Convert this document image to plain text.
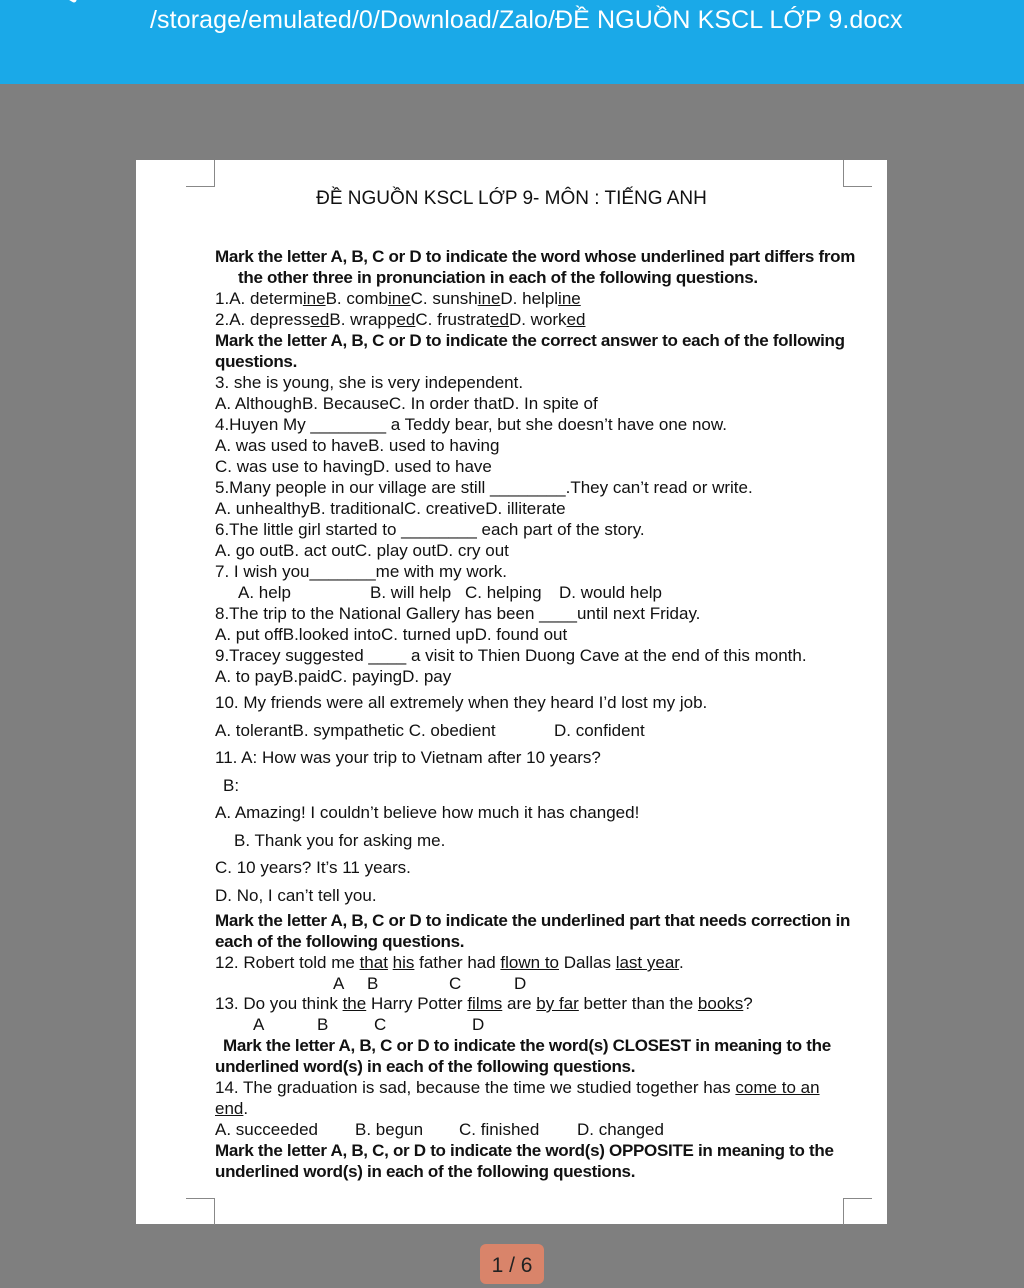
/storage/emulated/0/Download/Zalo/ĐỀ NGUỒN KSCL LỚP 9.docx
ĐỀ NGUỒN KSCL LỚP 9- MÔN : TIẾNG ANH
Mark the letter A, B, C or D to indicate the word whose underlined part differs from
the other three in pronunciation in each of the following questions.
1.A. determineB. combineC. sunshineD. helpline
2.A. depressedB. wrappedC. frustratedD. worked
Mark the letter A, B, C or D to indicate the correct answer to each of the following
questions.
3. she is young, she is very independent.
A. AlthoughB. BecauseC. In order thatD. In spite of
4.Huyen My ________ a Teddy bear, but she doesn’t have one now.
A. was used to haveB. used to having
C. was use to havingD. used to have
5.Many people in our village are still ________.They can’t read or write.
A. unhealthyB. traditionalC. creativeD. illiterate
6.The little girl started to ________ each part of the story.
A. go outB. act outC. play outD. cry out
7. I wish you_______me with my work.
A. help	B. will help C. helping D. would help
8.The trip to the National Gallery has been ____until next Friday.
A. put offB.looked intoC. turned upD. found out
9.Tracey suggested ____ a visit to Thien Duong Cave at the end of this month.
A. to payB.paidC. payingD. pay
10. My friends were all extremely when they heard I’d lost my job.
A. tolerantB. sympathetic C. obedient	D. confident
11. A: How was your trip to Vietnam after 10 years?
B:
A. Amazing! I couldn’t believe how much it has changed!
B. Thank you for asking me.
C. 10 years? It’s 11 years.
D. No, I can’t tell you.
Mark the letter A, B, C or D to indicate the underlined part that needs correction in
each of the following questions.
12. Robert told me that his father had flown to Dallas last year.
A B	C	D
13. Do you think the Harry Potter films are by far better than the books?
A	B	C	D
Mark the letter A, B, C or D to indicate the word(s) CLOSEST in meaning to the
underlined word(s) in each of the following questions.
14. The graduation is sad, because the time we studied together has come to an
end.
A. succeeded B. begun C. finished D. changed
Mark the letter A, B, C, or D to indicate the word(s) OPPOSITE in meaning to the
underlined word(s) in each of the following questions.
1 / 6
